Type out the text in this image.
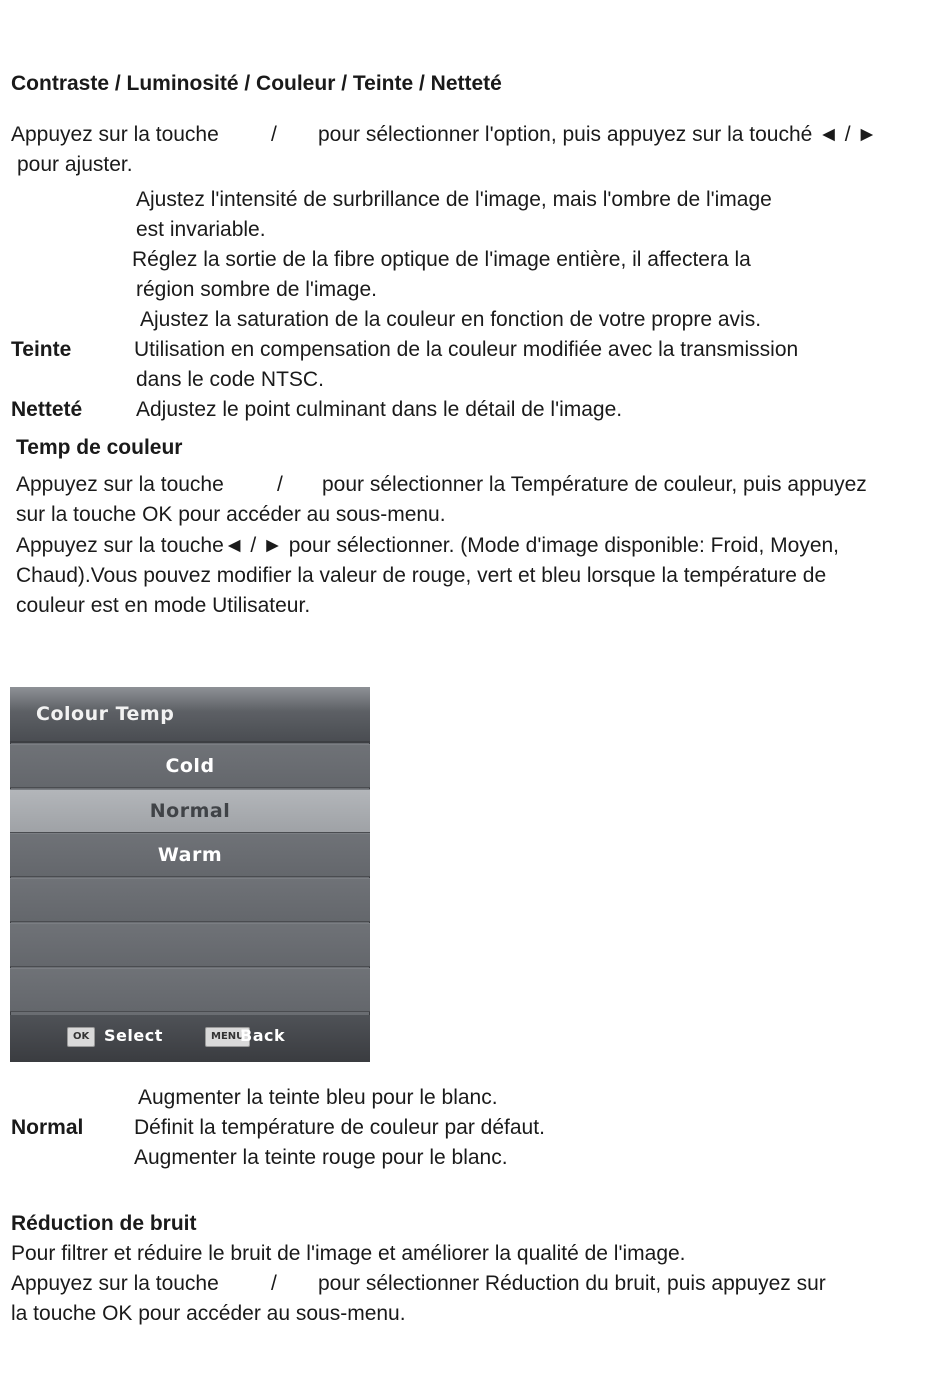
Contraste / Luminosité / Couleur / Teinte / Netteté
Appuyez sur la touche / pour sélectionner l'option, puis appuyez sur la touché ◄ / ►
pour ajuster.
Ajustez l'intensité de surbrillance de l'image, mais l'ombre de l'image
est invariable.
Réglez la sortie de la fibre optique de l'image entière, il affectera la
région sombre de l'image.
Ajustez la saturation de la couleur en fonction de votre propre avis.
Teinte	Utilisation en compensation de la couleur modifiée avec la transmission
dans le code NTSC.
Netteté	Adjustez le point culminant dans le détail de l'image.
Temp de couleur
Appuyez sur la touche	/ pour sélectionner la Température de couleur, puis appuyez
sur la touche OK pour accéder au sous-menu.
Appuyez sur la touche◄ / ► pour sélectionner. (Mode d'image disponible: Froid, Moyen,
Chaud).Vous pouvez modifier la valeur de rouge, vert et bleu lorsque la température de
couleur est en mode Utilisateur.
Colour Temp
Cold
Normal
Warm
OK Select	MENU
Back
Augmenter la teinte bleu pour le blanc.
Normal Définit la température de couleur par défaut.
Augmenter la teinte rouge pour le blanc.
Réduction de bruit
Pour filtrer et réduire le bruit de l'image et améliorer la qualité de l'image.
Appuyez sur la touche / pour sélectionner Réduction du bruit, puis appuyez sur
la touche OK pour accéder au sous-menu.
